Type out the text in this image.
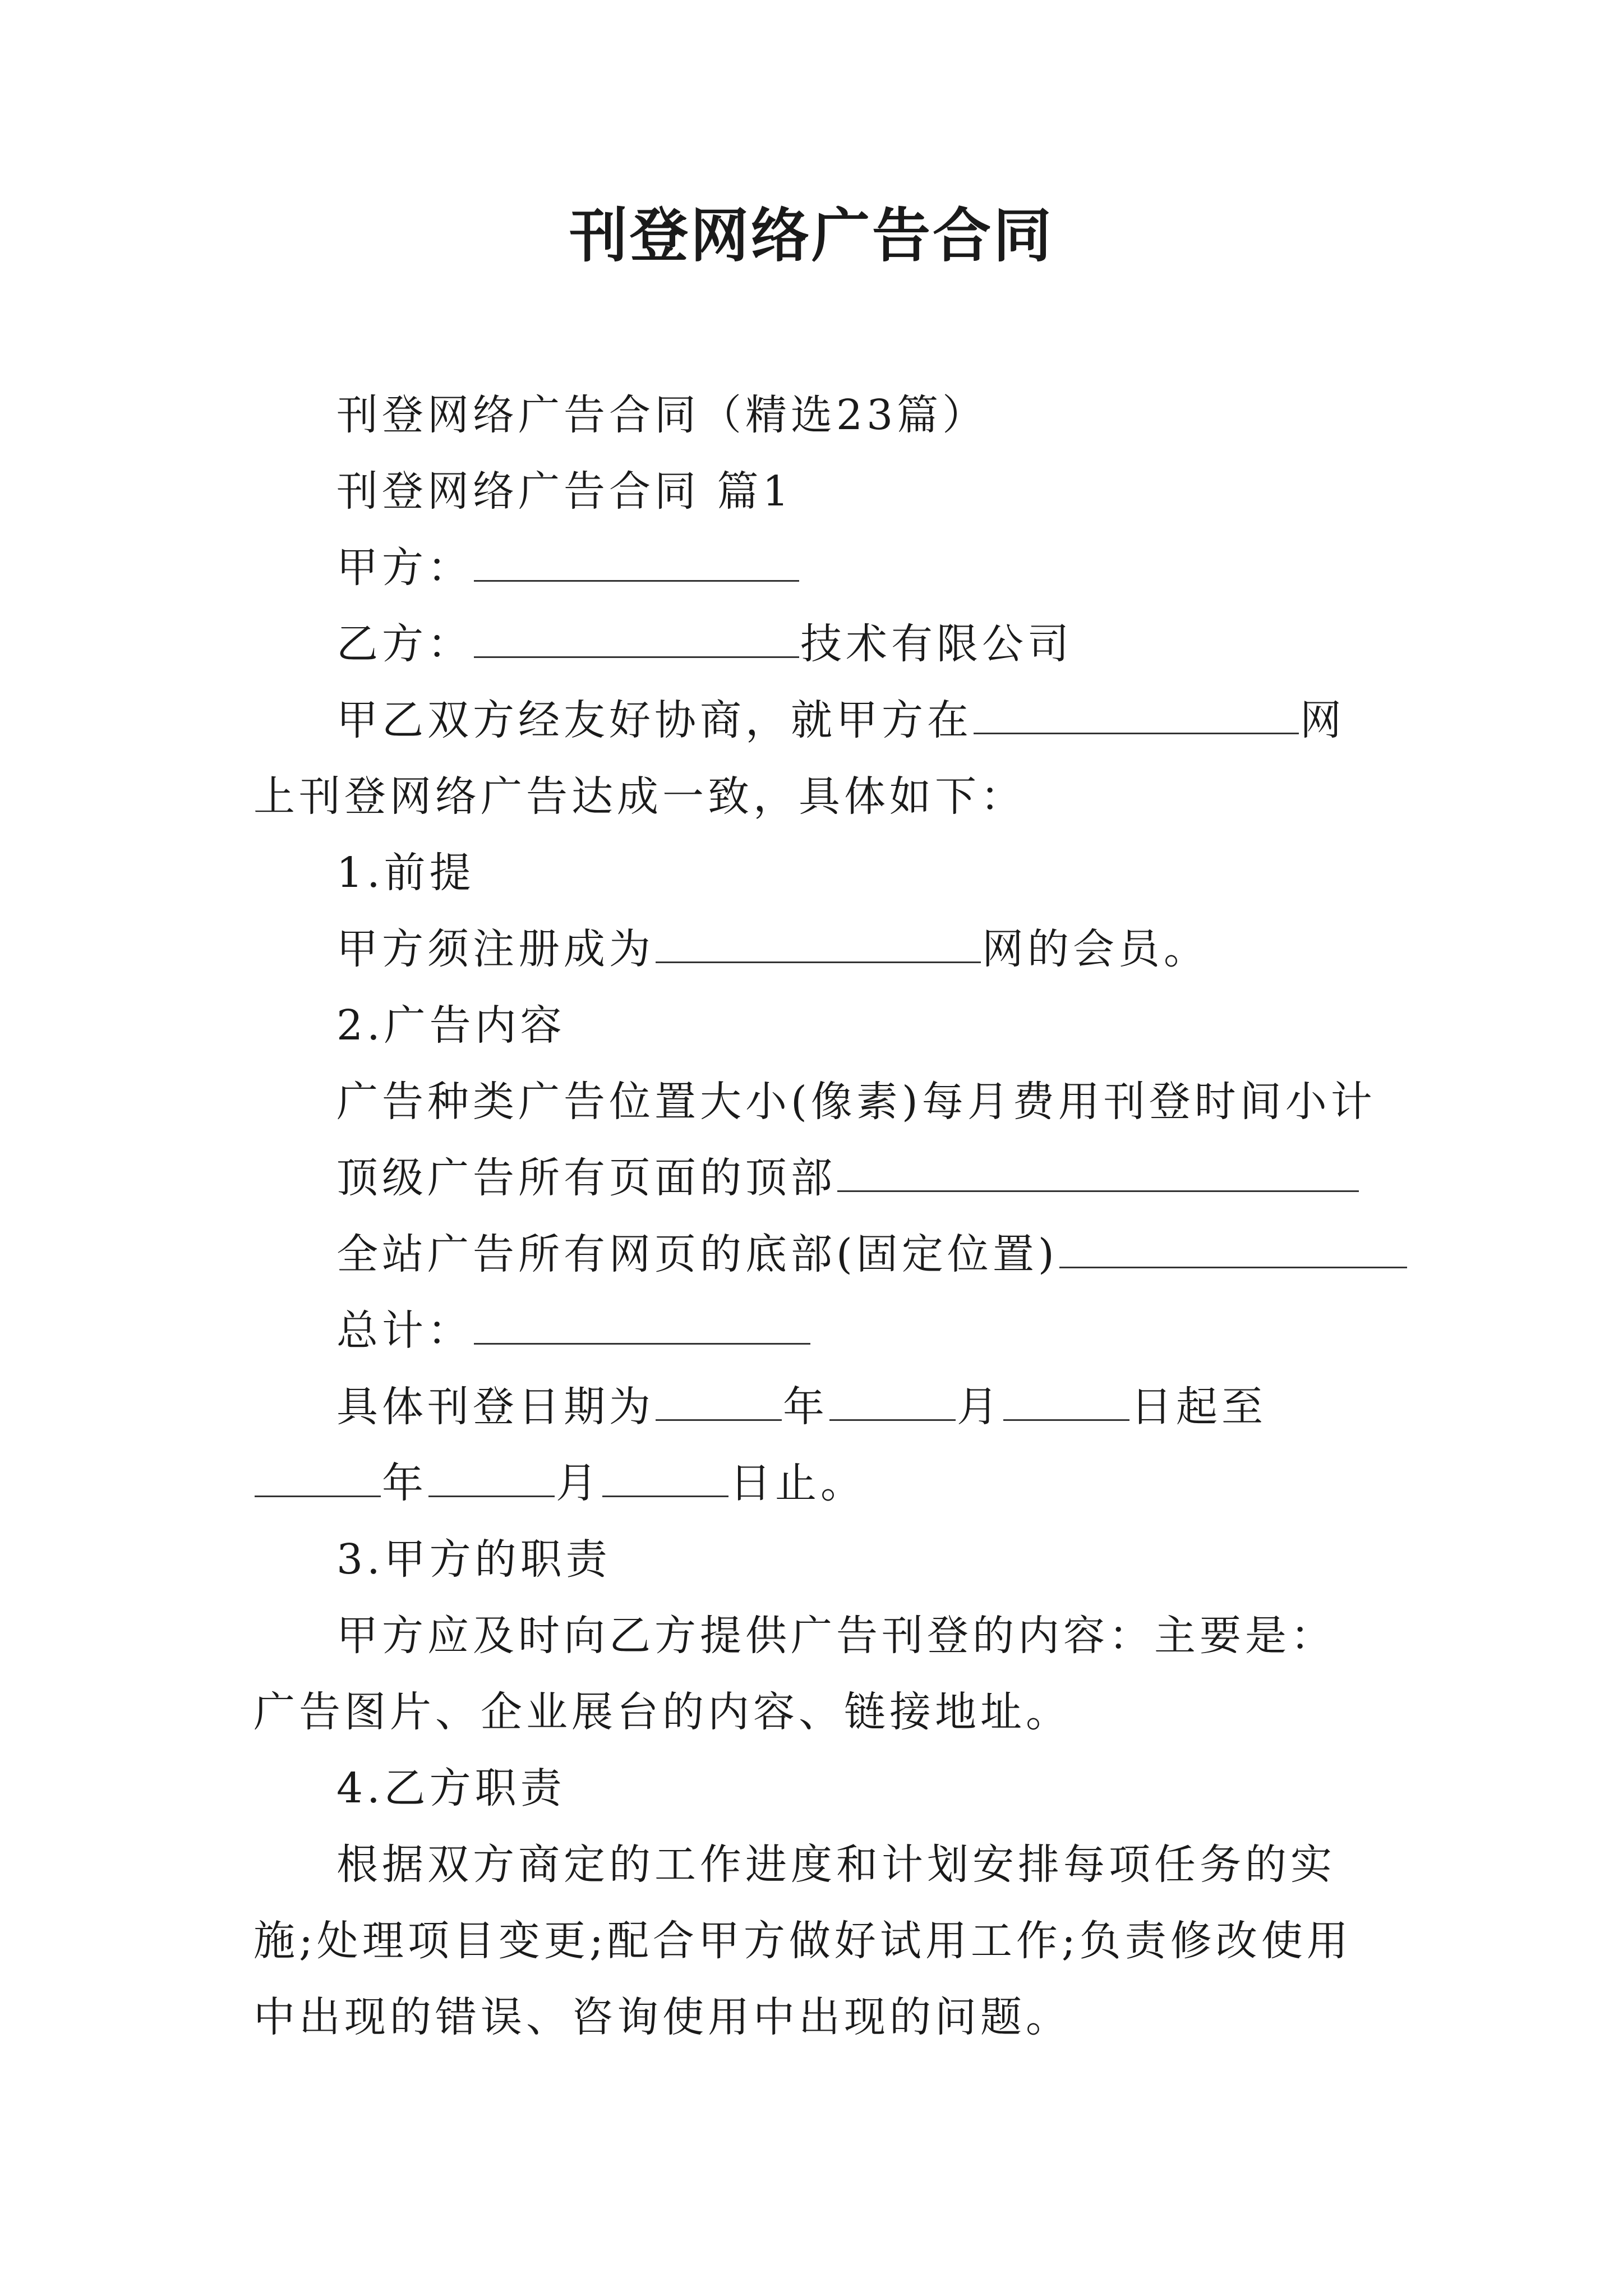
刊登网络广告合同

刊登网络广告合同（精选23篇）

刊登网络广告合同 篇1

甲方：

乙方：	技术有限公司

甲乙双方经友好协商，就甲方在	网上刊登网络广告达成一致，具体如下：

1.前提

甲方须注册成为	网的会员。

2.广告内容

广告种类广告位置大小(像素)每月费用刊登时间小计

顶级广告所有页面的顶部

全站广告所有网页的底部(固定位置)

总计：

具体刊登日期为	年	月	日起至年	月	日止。

3.甲方的职责

甲方应及时向乙方提供广告刊登的内容：主要是：广告图片、企业展台的内容、链接地址。

4.乙方职责

根据双方商定的工作进度和计划安排每项任务的实施;处理项目变更;配合甲方做好试用工作;负责修改使用中出现的错误、咨询使用中出现的问题。
